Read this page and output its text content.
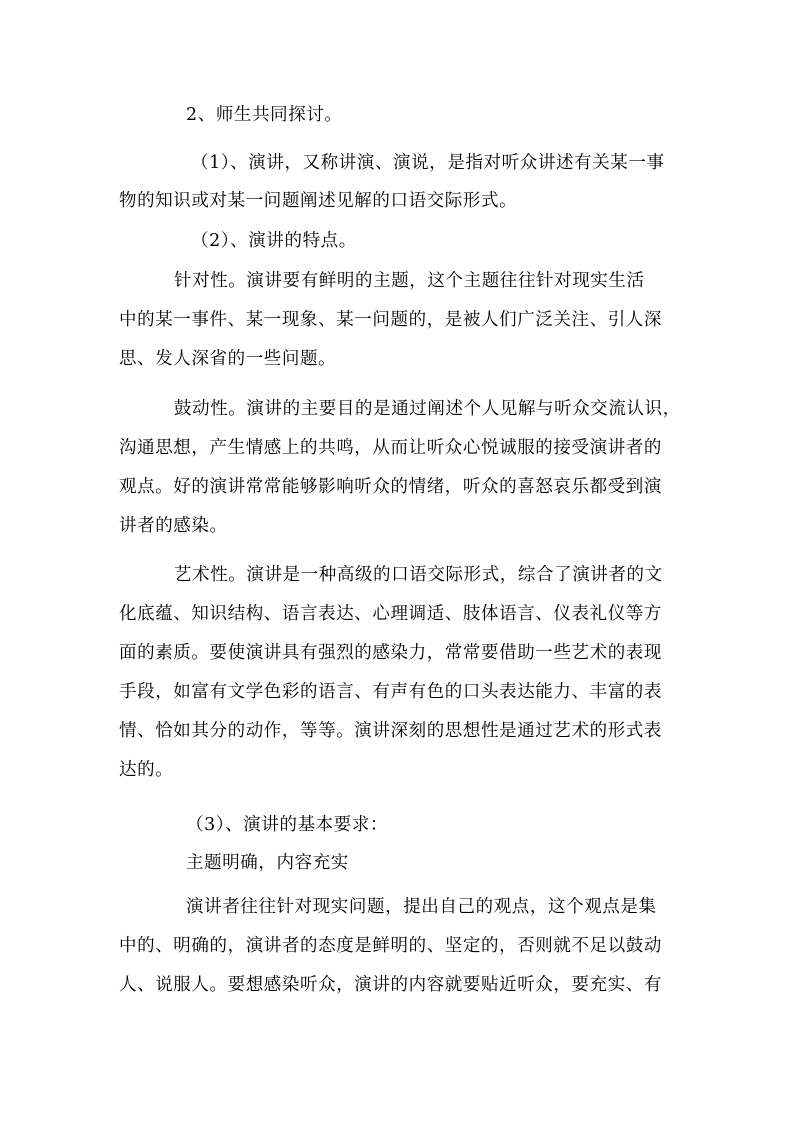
2、师生共同探讨。
（1）、演讲，又称讲演、演说，是指对听众讲述有关某一事
物的知识或对某一问题阐述见解的口语交际形式。
（2）、演讲的特点。
针对性。演讲要有鲜明的主题，这个主题往往针对现实生活
中的某一事件、某一现象、某一问题的，是被人们广泛关注、引人深
思、发人深省的一些问题。
鼓动性。演讲的主要目的是通过阐述个人见解与听众交流认识，
沟通思想，产生情感上的共鸣，从而让听众心悦诚服的接受演讲者的
观点。好的演讲常常能够影响听众的情绪，听众的喜怒哀乐都受到演
讲者的感染。
艺术性。演讲是一种高级的口语交际形式，综合了演讲者的文
化底蕴、知识结构、语言表达、心理调适、肢体语言、仪表礼仪等方
面的素质。要使演讲具有强烈的感染力，常常要借助一些艺术的表现
手段，如富有文学色彩的语言、有声有色的口头表达能力、丰富的表
情、恰如其分的动作，等等。演讲深刻的思想性是通过艺术的形式表
达的。
（3）、演讲的基本要求：
主题明确，内容充实
演讲者往往针对现实问题，提出自己的观点，这个观点是集
中的、明确的，演讲者的态度是鲜明的、坚定的，否则就不足以鼓动
人、说服人。要想感染听众，演讲的内容就要贴近听众，要充实、有
